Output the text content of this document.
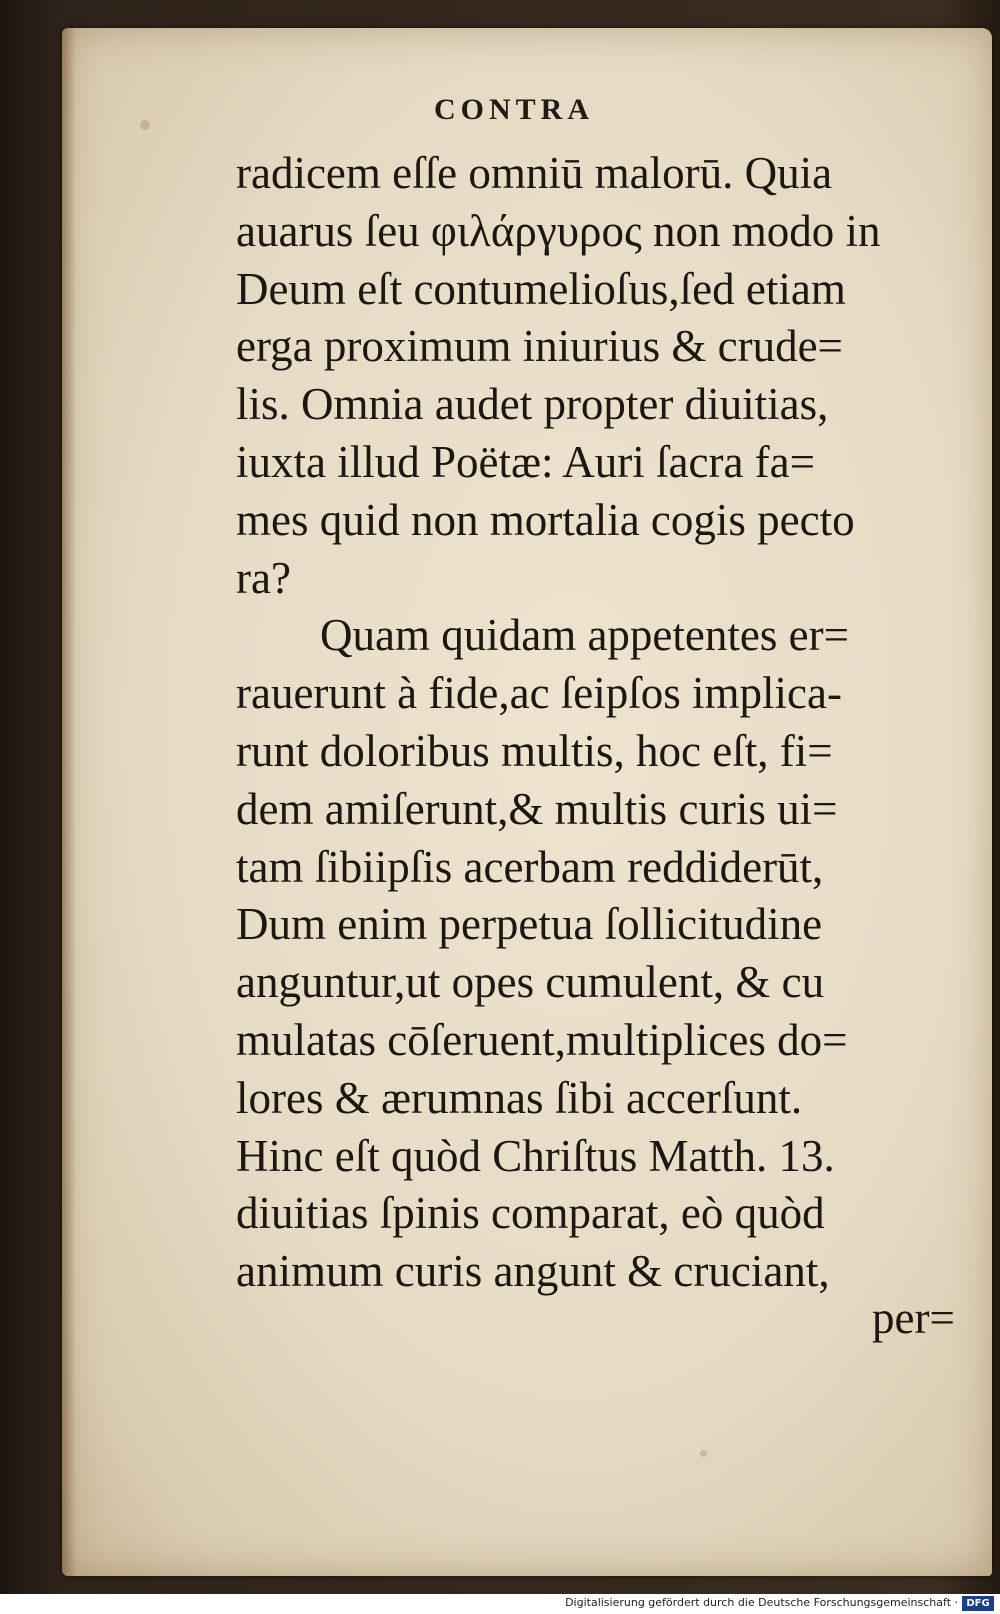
CONTRA
radicem eſſe omniū malorū. Quia
auarus ſeu φιλάργυρος non modo in
Deum eſt contumelioſus,ſed etiam
erga proximum iniurius & crude=
lis. Omnia audet propter diuitias,
iuxta illud Poëtæ: Auri ſacra fa=
mes quid non mortalia cogis pecto
ra?
Quam quidam appetentes er=
rauerunt à fide,ac ſeipſos implica-
runt doloribus multis, hoc eſt, fi=
dem amiſerunt,& multis curis ui=
tam ſibiipſis acerbam reddiderūt,
Dum enim perpetua ſollicitudine
anguntur,ut opes cumulent, & cu
mulatas cōſeruent,multiplices do=
lores & ærumnas ſibi accerſunt.
Hinc eſt quòd Chriſtus Matth. 13.
diuitias ſpinis comparat, eò quòd
animum curis angunt & cruciant,
per=
Digitalisierung gefördert durch die Deutsche Forschungsgemeinschaft · DFG
